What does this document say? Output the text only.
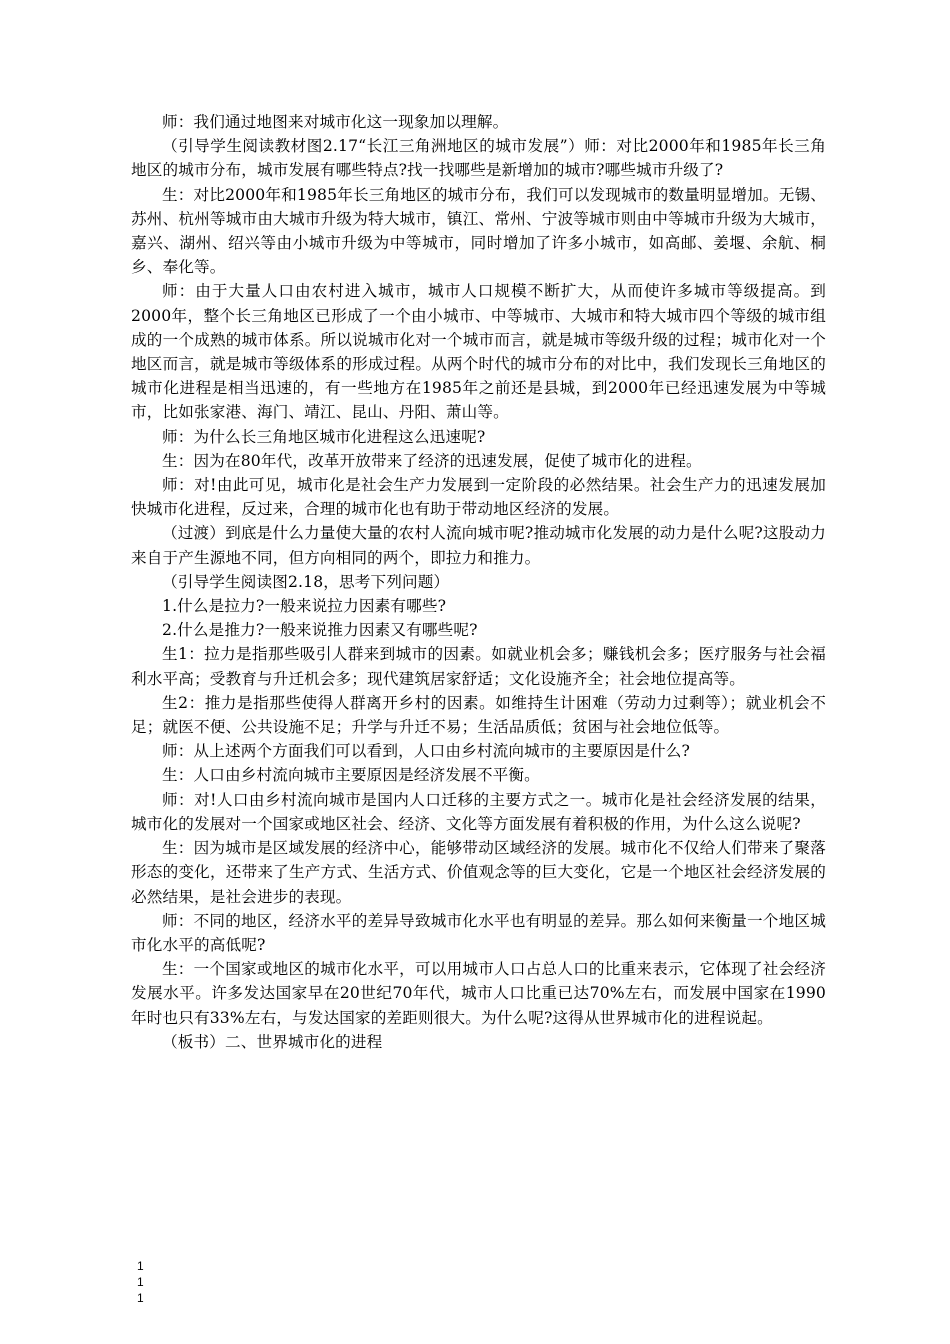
师：我们通过地图来对城市化这一现象加以理解。

（引导学生阅读教材图2.17“长江三角洲地区的城市发展”）师：对比2000年和1985年长三角地区的城市分布，城市发展有哪些特点?找一找哪些是新增加的城市?哪些城市升级了?

生：对比2000年和1985年长三角地区的城市分布，我们可以发现城市的数量明显增加。无锡、苏州、杭州等城市由大城市升级为特大城市，镇江、常州、宁波等城市则由中等城市升级为大城市，嘉兴、湖州、绍兴等由小城市升级为中等城市，同时增加了许多小城市，如高邮、姜堰、余航、桐乡、奉化等。

师：由于大量人口由农村进入城市，城市人口规模不断扩大，从而使许多城市等级提高。到2000年，整个长三角地区已形成了一个由小城市、中等城市、大城市和特大城市四个等级的城市组成的一个成熟的城市体系。所以说城市化对一个城市而言，就是城市等级升级的过程；城市化对一个地区而言，就是城市等级体系的形成过程。从两个时代的城市分布的对比中，我们发现长三角地区的城市化进程是相当迅速的，有一些地方在1985年之前还是县城，到2000年已经迅速发展为中等城市，比如张家港、海门、靖江、昆山、丹阳、萧山等。

师：为什么长三角地区城市化进程这么迅速呢?

生：因为在80年代，改革开放带来了经济的迅速发展，促使了城市化的进程。

师：对!由此可见，城市化是社会生产力发展到一定阶段的必然结果。社会生产力的迅速发展加快城市化进程，反过来，合理的城市化也有助于带动地区经济的发展。

（过渡）到底是什么力量使大量的农村人流向城市呢?推动城市化发展的动力是什么呢?这股动力来自于产生源地不同，但方向相同的两个，即拉力和推力。

（引导学生阅读图2.18，思考下列问题）

1.什么是拉力?一般来说拉力因素有哪些?

2.什么是推力?一般来说推力因素又有哪些呢?

生1：拉力是指那些吸引人群来到城市的因素。如就业机会多；赚钱机会多；医疗服务与社会福利水平高；受教育与升迁机会多；现代建筑居家舒适；文化设施齐全；社会地位提高等。

生2：推力是指那些使得人群离开乡村的因素。如维持生计困难（劳动力过剩等）；就业机会不足；就医不便、公共设施不足；升学与升迁不易；生活品质低；贫困与社会地位低等。

师：从上述两个方面我们可以看到，人口由乡村流向城市的主要原因是什么?

生：人口由乡村流向城市主要原因是经济发展不平衡。

师：对!人口由乡村流向城市是国内人口迁移的主要方式之一。城市化是社会经济发展的结果，城市化的发展对一个国家或地区社会、经济、文化等方面发展有着积极的作用，为什么这么说呢?

生：因为城市是区域发展的经济中心，能够带动区域经济的发展。城市化不仅给人们带来了聚落形态的变化，还带来了生产方式、生活方式、价值观念等的巨大变化，它是一个地区社会经济发展的必然结果，是社会进步的表现。

师：不同的地区，经济水平的差异导致城市化水平也有明显的差异。那么如何来衡量一个地区城市化水平的高低呢?

生：一个国家或地区的城市化水平，可以用城市人口占总人口的比重来表示，它体现了社会经济发展水平。许多发达国家早在20世纪70年代，城市人口比重已达70%左右，而发展中国家在1990年时也只有33%左右，与发达国家的差距则很大。为什么呢?这得从世界城市化的进程说起。

（板书）二、世界城市化的进程

1
1
1
